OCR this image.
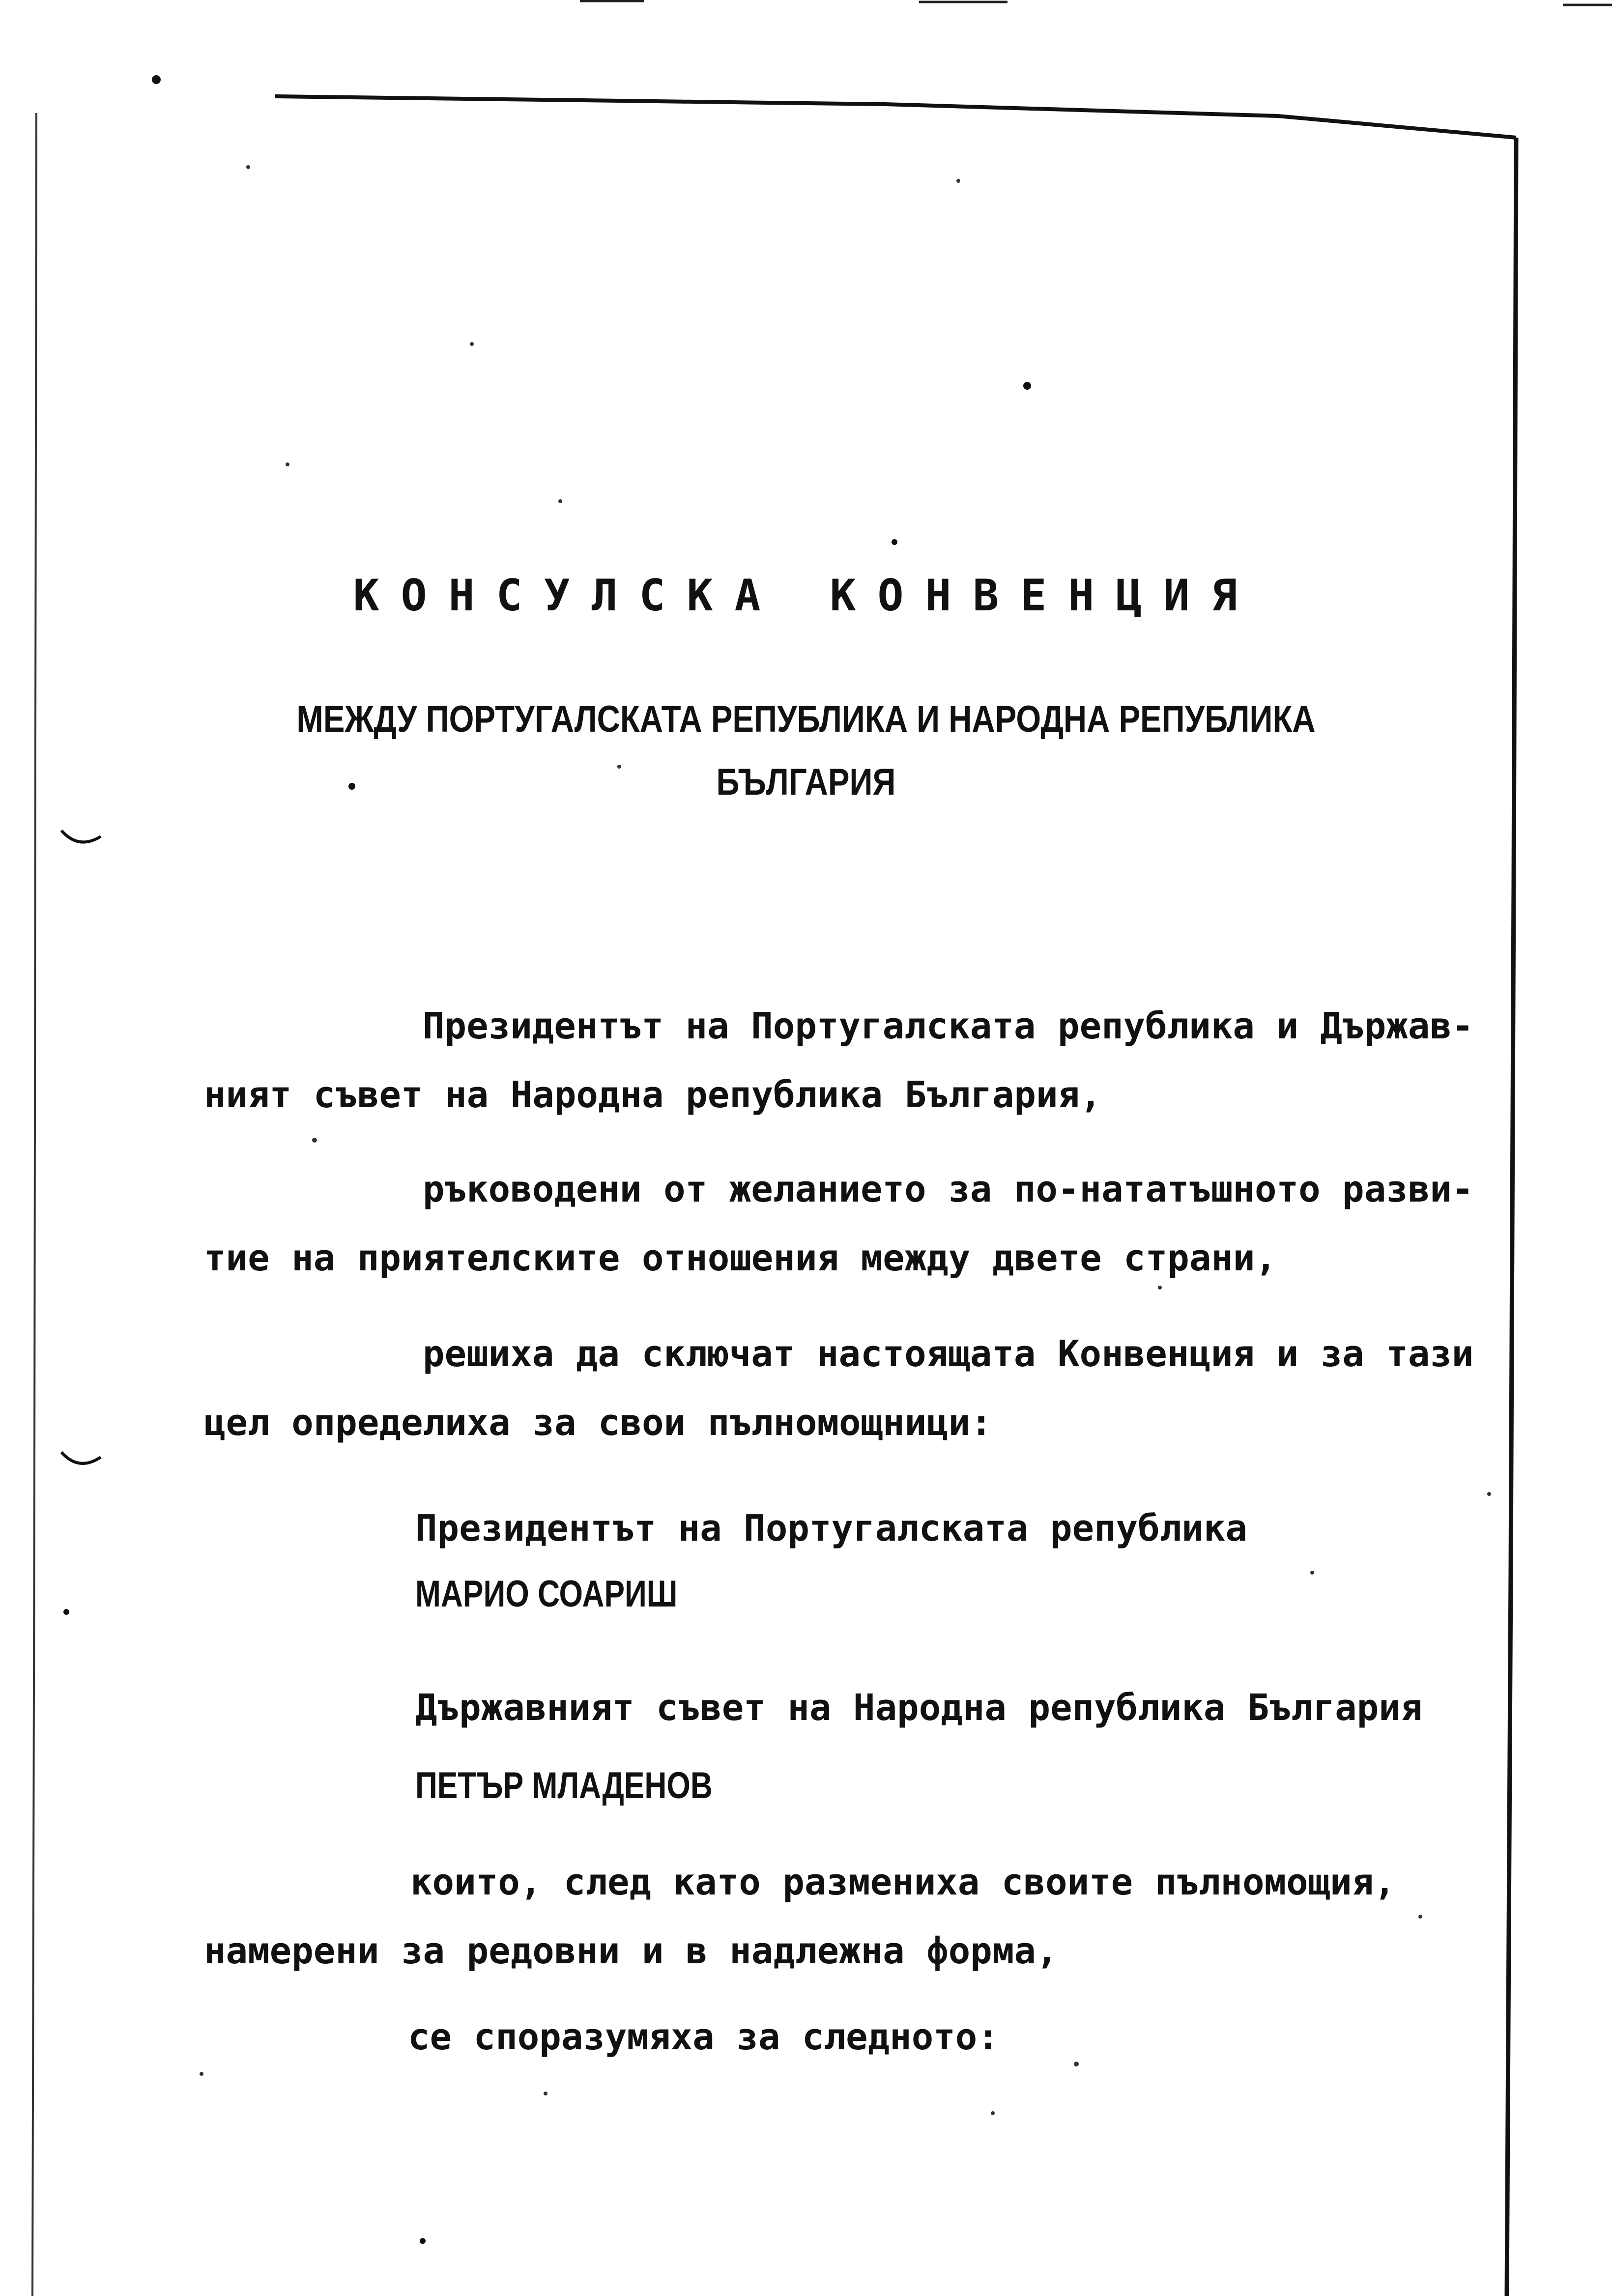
КОНСУЛСКА КОНВЕНЦИЯ
МЕЖДУ ПОРТУГАЛСКАТА РЕПУБЛИКА И НАРОДНА РЕПУБЛИКА
БЪЛГАРИЯ
Президентът на Португалската република и Държав-
ният съвет на Народна република България,
ръководени от желанието за по-нататъшното разви-
тие на приятелските отношения между двете страни,
решиха да сключат настоящата Конвенция и за тази
цел определиха за свои пълномощници:
Президентът на Португалската република
МАРИО СОАРИШ
Държавният съвет на Народна република България
ПЕТЪР МЛАДЕНОВ
които, след като размениха своите пълномощия,
намерени за редовни и в надлежна форма,
се споразумяха за следното:
